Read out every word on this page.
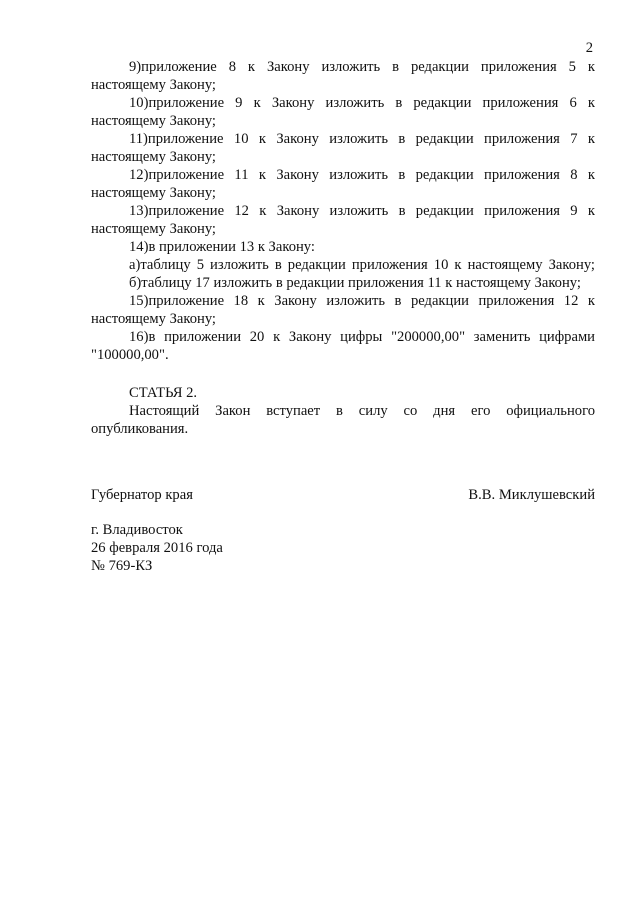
2

9)приложение 8 к Закону изложить в редакции приложения 5 к настоящему Закону;

10)приложение 9 к Закону изложить в редакции приложения 6 к настоящему Закону;

11)приложение 10 к Закону изложить в редакции приложения 7 к настоящему Закону;

12)приложение 11 к Закону изложить в редакции приложения 8 к настоящему Закону;

13)приложение 12 к Закону изложить в редакции приложения 9 к настоящему Закону;

14)в приложении 13 к Закону:

а)таблицу 5 изложить в редакции приложения 10 к настоящему Закону;

б)таблицу 17 изложить в редакции приложения 11 к настоящему Закону;

15)приложение 18 к Закону изложить в редакции приложения 12 к настоящему Закону;

16)в приложении 20 к Закону цифры "200000,00" заменить цифрами "100000,00".

СТАТЬЯ 2.

Настоящий Закон вступает в силу со дня его официального опубликования.

Губернатор края	В.В. Миклушевский
г. Владивосток
26 февраля 2016 года
№ 769-КЗ
